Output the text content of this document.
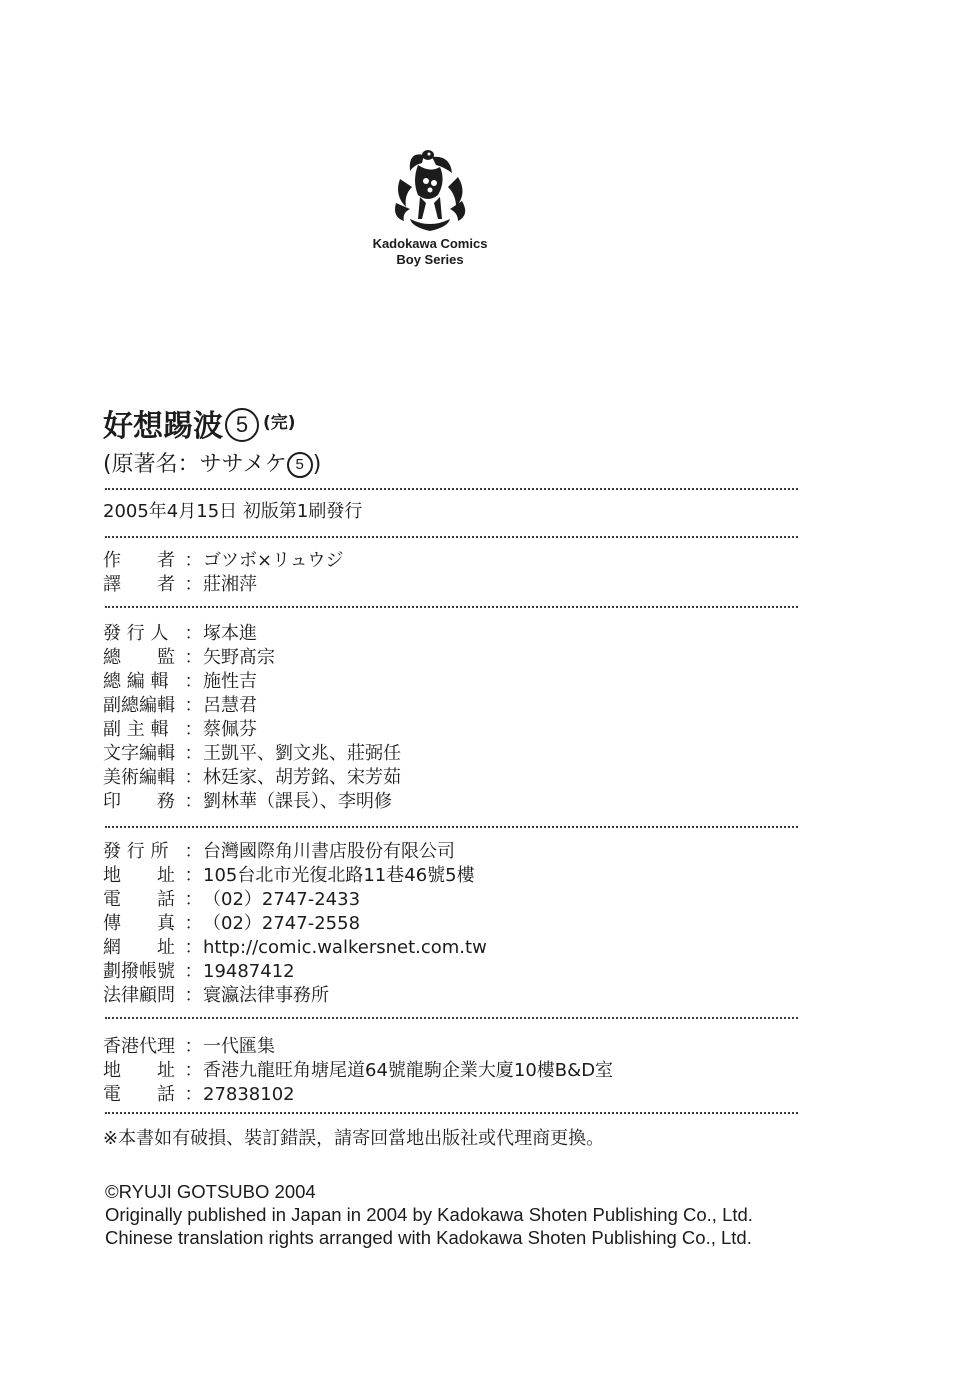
Kadokawa Comics
Boy Series
好想踢波 5 $^{(完)}$
(原著名：ササメケ 5 )
2005年4月15日 初版第1刷發行
作　　者 ：ゴツボ×リュウジ
譯　　者 ：莊湘萍
發 行 人 ：塚本進
總　　監 ：矢野髙宗
總 編 輯 ：施性吉
副總編輯 ：呂慧君
副 主 輯 ：蔡佩芬
文字編輯 ：王凱平、劉文兆、莊弼任
美術編輯 ：林廷家、胡芳銘、宋芳茹
印　　務 ：劉林華（課長）、李明修
發 行 所 ：台灣國際角川書店股份有限公司
地　　址 ：105台北市光復北路11巷46號5樓
電　　話 ：（02）2747-2433
傳　　真 ：（02）2747-2558
網　　址 ：http://comic.walkersnet.com.tw
劃撥帳號 ：19487412
法律顧問 ：寰瀛法律事務所
香港代理 ：一代匯集
地　　址 ：香港九龍旺角塘尾道64號龍駒企業大廈10樓B&D室
電　　話 ：27838102
※本書如有破損、裝訂錯誤，請寄回當地出版社或代理商更換。
©RYUJI GOTSUBO 2004
Originally published in Japan in 2004 by Kadokawa Shoten Publishing Co., Ltd.
Chinese translation rights arranged with Kadokawa Shoten Publishing Co., Ltd.
